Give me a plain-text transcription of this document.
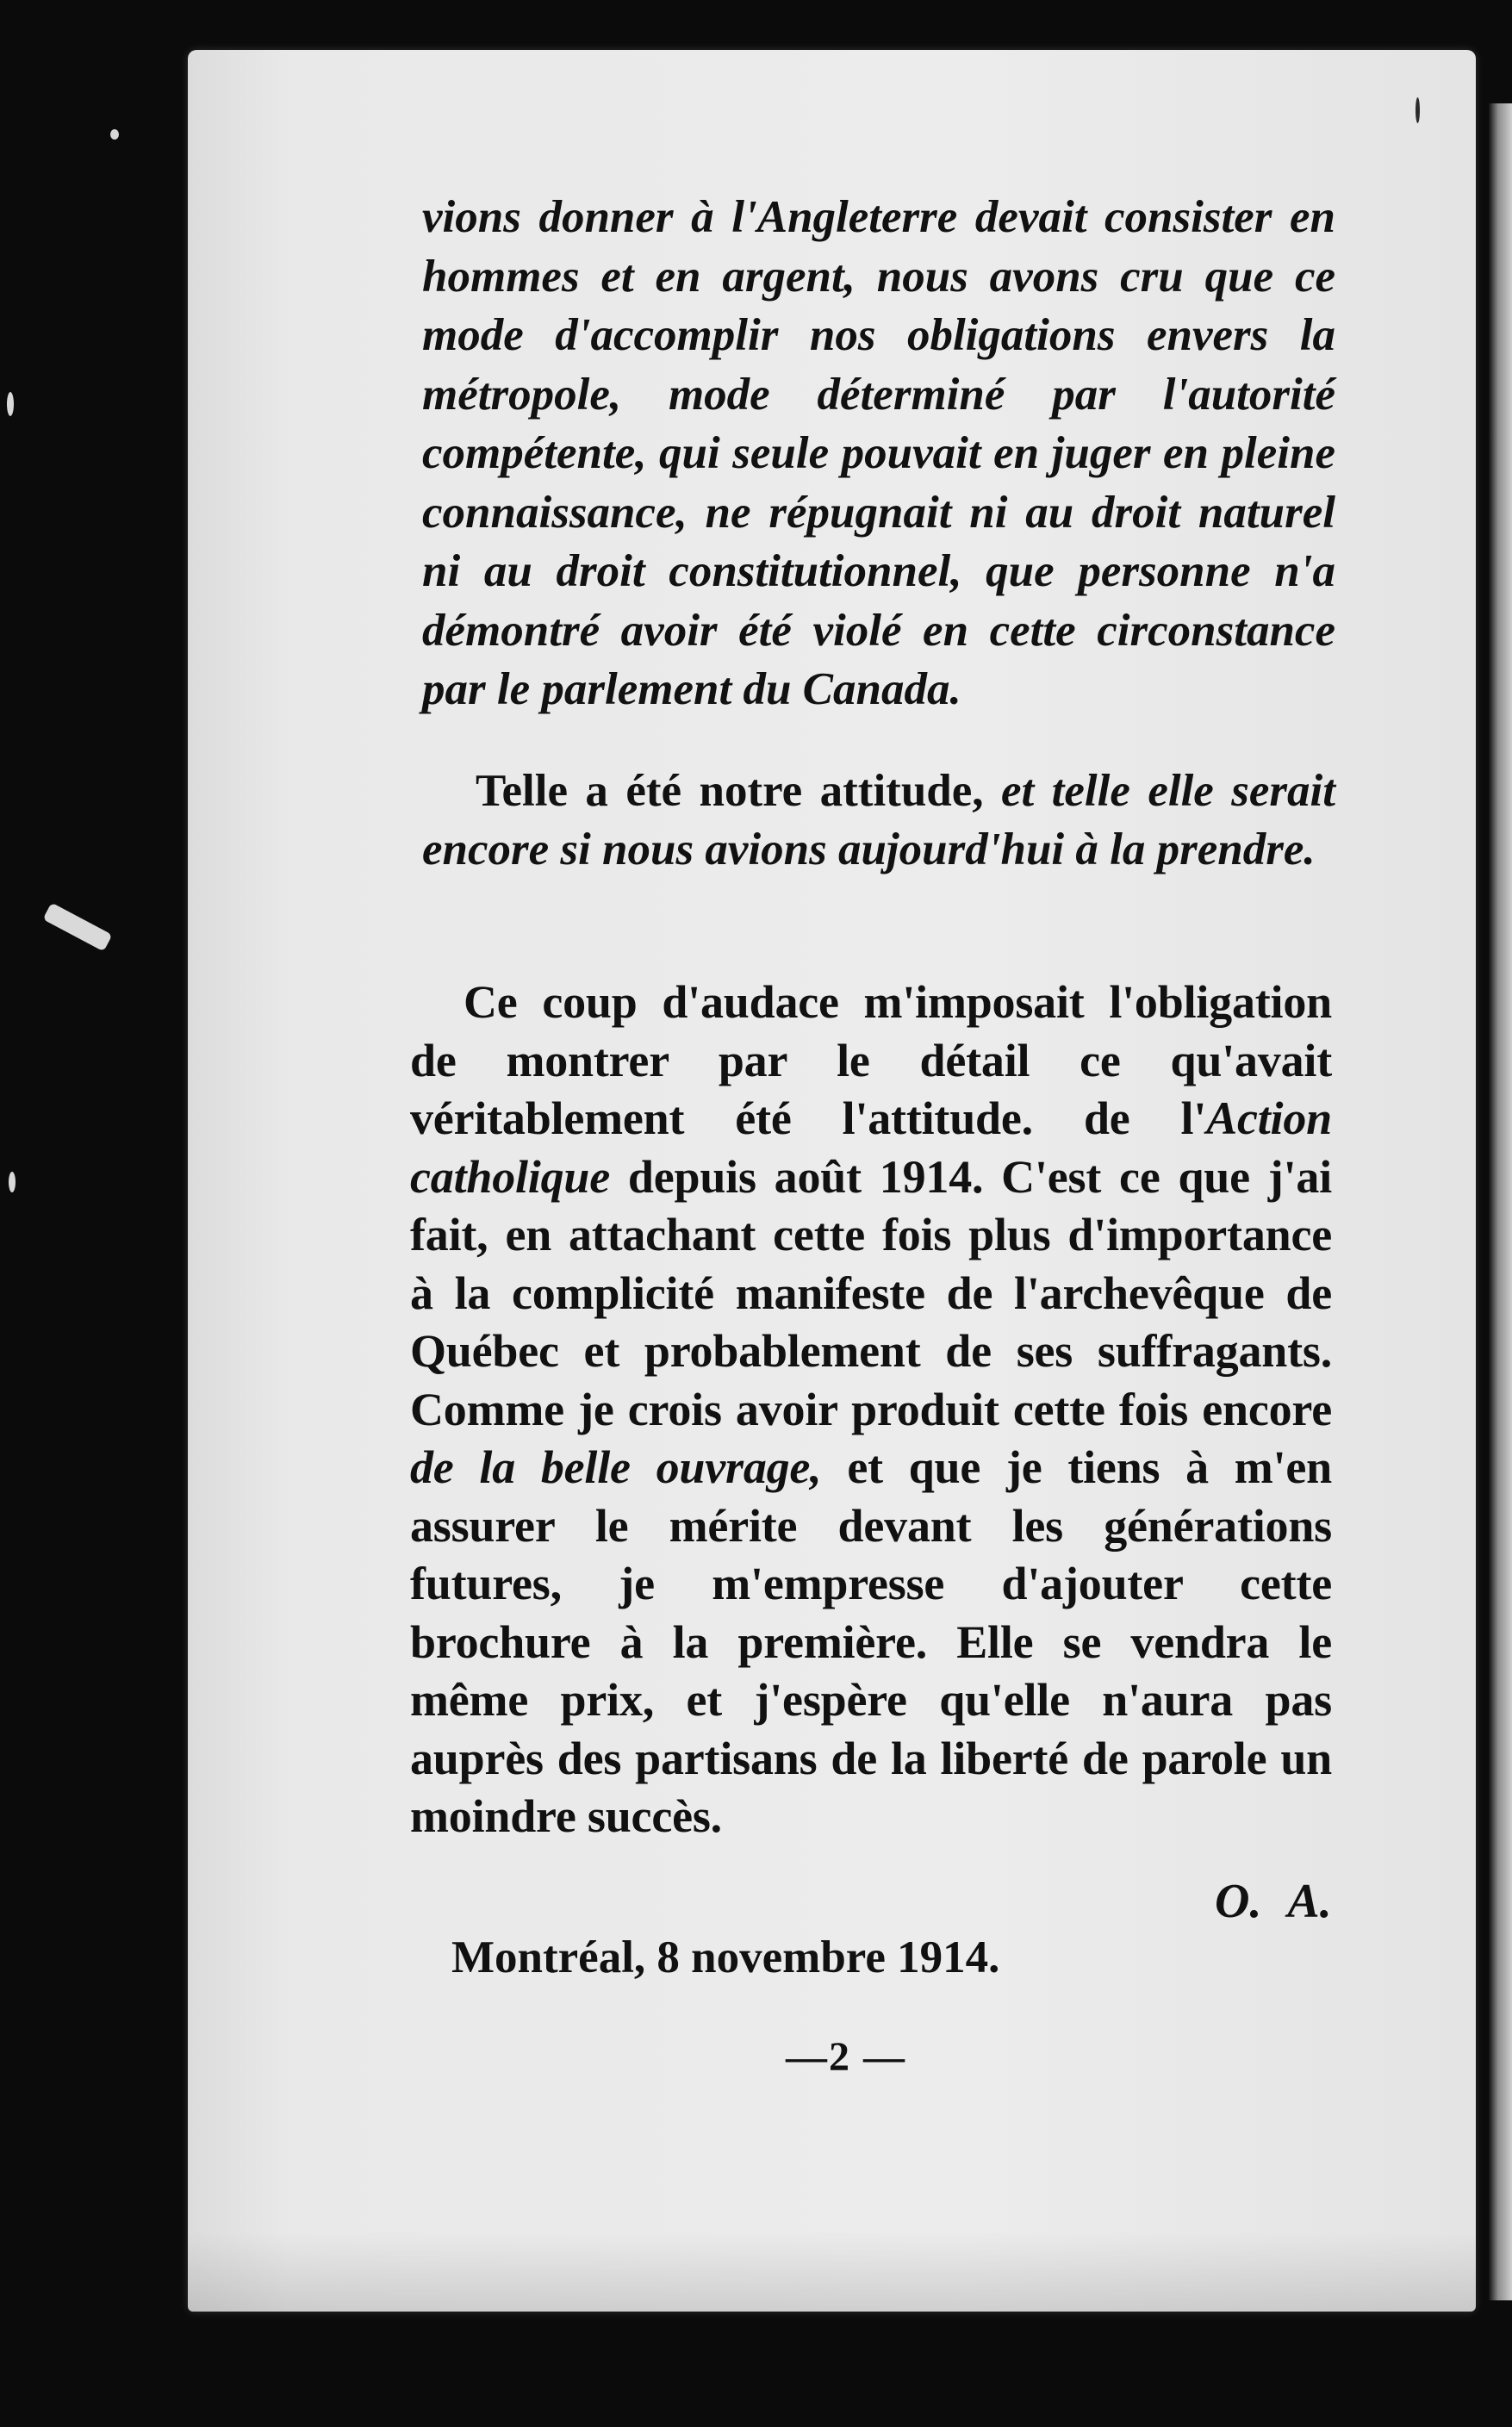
vions donner à l'Angleterre devait consister en hommes et en argent, nous avons cru que ce mode d'accomplir nos obligations envers la métropole, mode déterminé par l'autorité compétente, qui seule pouvait en juger en pleine connaissance, ne répugnait ni au droit naturel ni au droit constitutionnel, que personne n'a démontré avoir été violé en cette circonstance par le parlement du Canada.
Telle a été notre attitude, et telle elle serait encore si nous avions aujourd'hui à la prendre.
Ce coup d'audace m'imposait l'obligation de montrer par le détail ce qu'avait véritablement été l'attitude. de l'Action catholique depuis août 1914. C'est ce que j'ai fait, en attachant cette fois plus d'importance à la complicité manifeste de l'archevêque de Québec et probablement de ses suffragants. Comme je crois avoir produit cette fois encore de la belle ouvrage, et que je tiens à m'en assurer le mérite devant les générations futures, je m'empresse d'ajouter cette brochure à la première. Elle se vendra le même prix, et j'espère qu'elle n'aura pas auprès des partisans de la liberté de parole un moindre succès.
O. A.
Montréal, 8 novembre 1914.
—2 —
